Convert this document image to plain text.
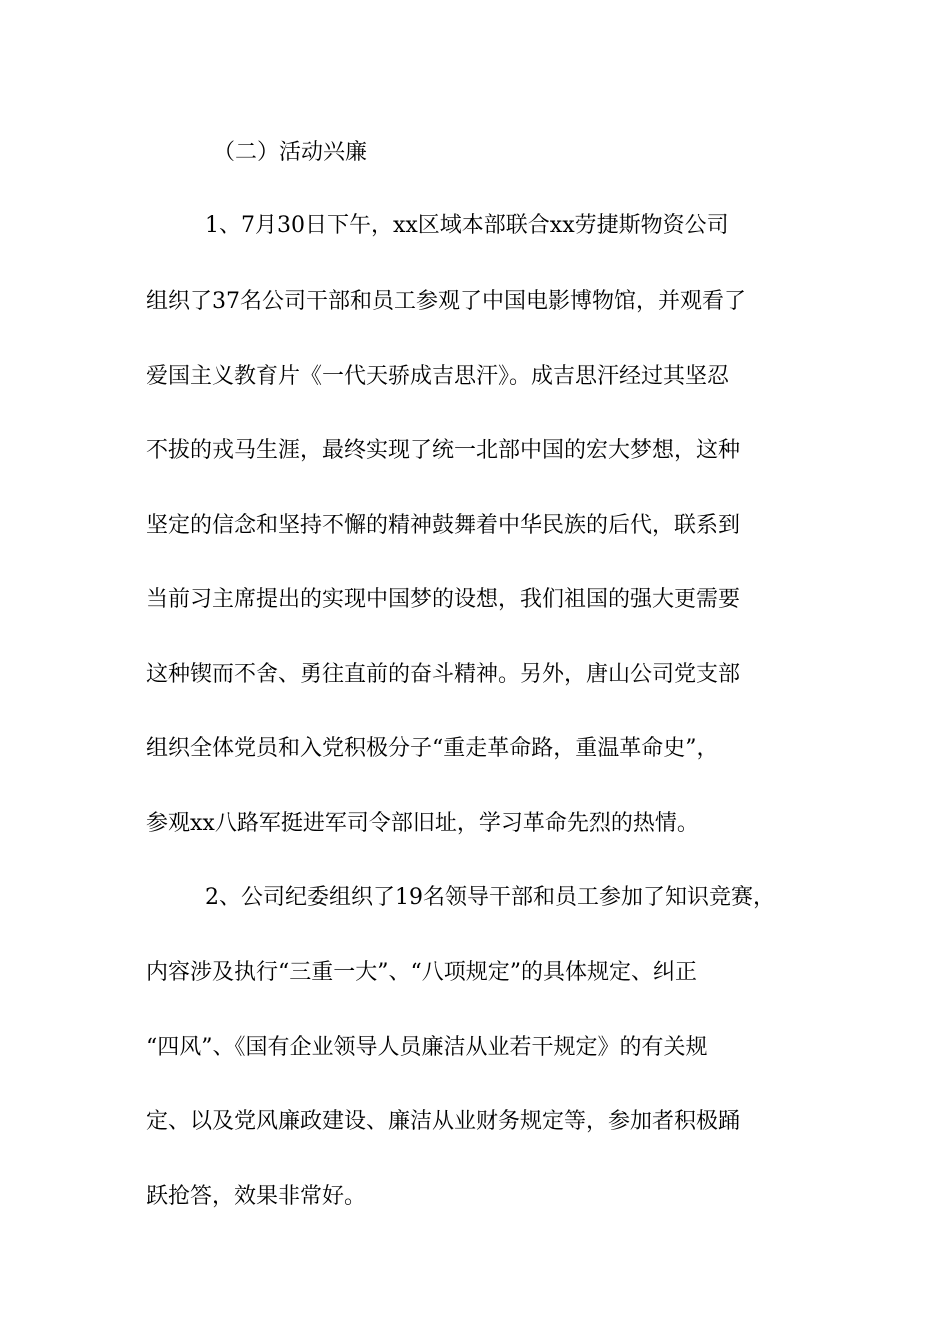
（二）活动兴廉
1、7月30日下午，xx区域本部联合xx劳捷斯物资公司
组织了37名公司干部和员工参观了中国电影博物馆，并观看了
爱国主义教育片《一代天骄成吉思汗》。成吉思汗经过其坚忍
不拔的戎马生涯，最终实现了统一北部中国的宏大梦想，这种
坚定的信念和坚持不懈的精神鼓舞着中华民族的后代，联系到
当前习主席提出的实现中国梦的设想，我们祖国的强大更需要
这种锲而不舍、勇往直前的奋斗精神。另外，唐山公司党支部
组织全体党员和入党积极分子“重走革命路，重温革命史”，
参观xx八路军挺进军司令部旧址，学习革命先烈的热情。
2、公司纪委组织了19名领导干部和员工参加了知识竞赛，
内容涉及执行“三重一大”、“八项规定”的具体规定、纠正
“四风”、《国有企业领导人员廉洁从业若干规定》的有关规
定、以及党风廉政建设、廉洁从业财务规定等，参加者积极踊
跃抢答，效果非常好。
